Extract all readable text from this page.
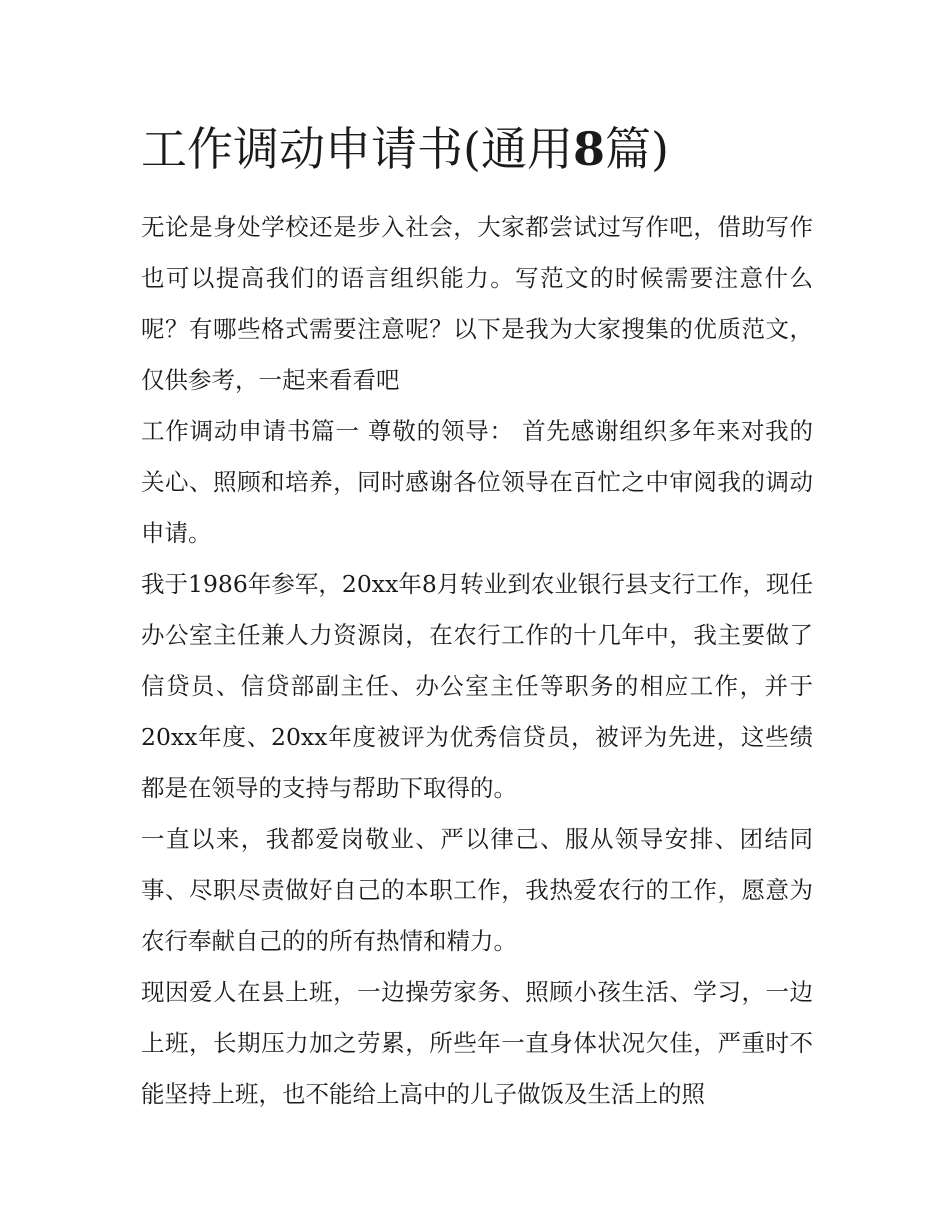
工作调动申请书(通用8篇)

无论是身处学校还是步入社会，大家都尝试过写作吧，借助写作也可以提高我们的语言组织能力。写范文的时候需要注意什么呢？有哪些格式需要注意呢？以下是我为大家搜集的优质范文，仅供参考，一起来看看吧

工作调动申请书篇一 尊敬的领导： 首先感谢组织多年来对我的关心、照顾和培养，同时感谢各位领导在百忙之中审阅我的调动申请。

我于1986年参军，20xx年8月转业到农业银行县支行工作，现任办公室主任兼人力资源岗，在农行工作的十几年中，我主要做了信贷员、信贷部副主任、办公室主任等职务的相应工作，并于20xx年度、20xx年度被评为优秀信贷员，被评为先进，这些绩都是在领导的支持与帮助下取得的。

一直以来，我都爱岗敬业、严以律己、服从领导安排、团结同事、尽职尽责做好自己的本职工作，我热爱农行的工作，愿意为农行奉献自己的的所有热情和精力。

现因爱人在县上班，一边操劳家务、照顾小孩生活、学习，一边上班，长期压力加之劳累，所些年一直身体状况欠佳，严重时不能坚持上班，也不能给上高中的儿子做饭及生活上的照
